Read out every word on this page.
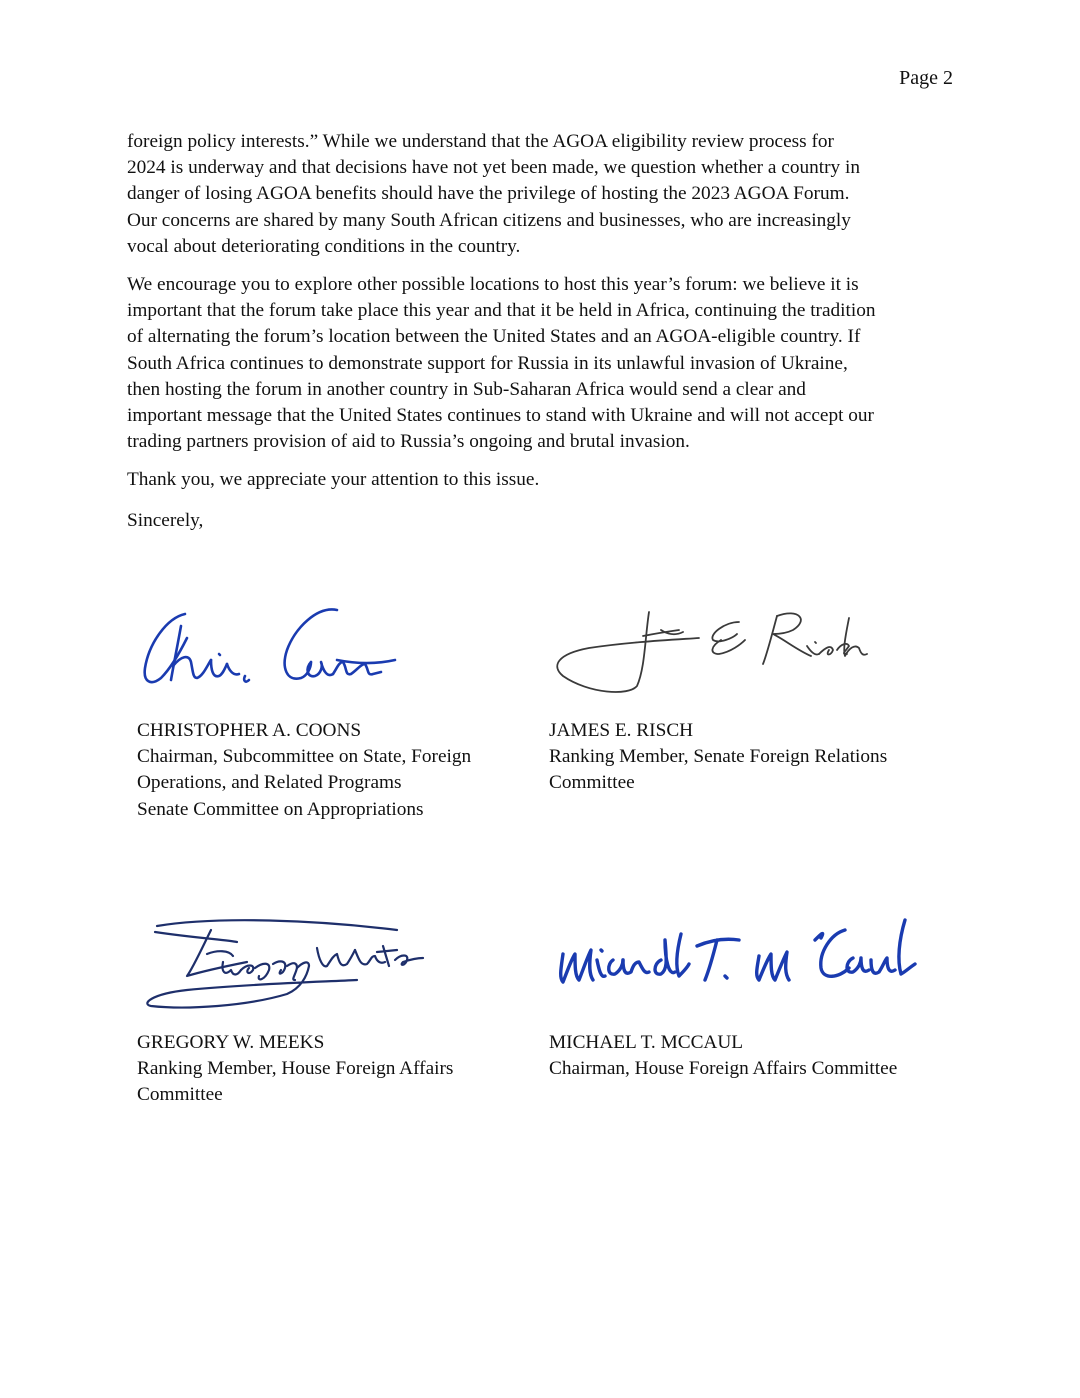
Page 2

foreign policy interests.” While we understand that the AGOA eligibility review process for
2024 is underway and that decisions have not yet been made, we question whether a country in
danger of losing AGOA benefits should have the privilege of hosting the 2023 AGOA Forum.
Our concerns are shared by many South African citizens and businesses, who are increasingly
vocal about deteriorating conditions in the country.

We encourage you to explore other possible locations to host this year’s forum: we believe it is
important that the forum take place this year and that it be held in Africa, continuing the tradition
of alternating the forum’s location between the United States and an AGOA-eligible country. If
South Africa continues to demonstrate support for Russia in its unlawful invasion of Ukraine,
then hosting the forum in another country in Sub-Saharan Africa would send a clear and
important message that the United States continues to stand with Ukraine and will not accept our
trading partners provision of aid to Russia’s ongoing and brutal invasion.

Thank you, we appreciate your attention to this issue.

Sincerely,

CHRISTOPHER A. COONS
Chairman, Subcommittee on State, Foreign
Operations, and Related Programs
Senate Committee on Appropriations
JAMES E. RISCH
Ranking Member, Senate Foreign Relations
Committee
GREGORY W. MEEKS
Ranking Member, House Foreign Affairs
Committee
MICHAEL T. MCCAUL
Chairman, House Foreign Affairs Committee
